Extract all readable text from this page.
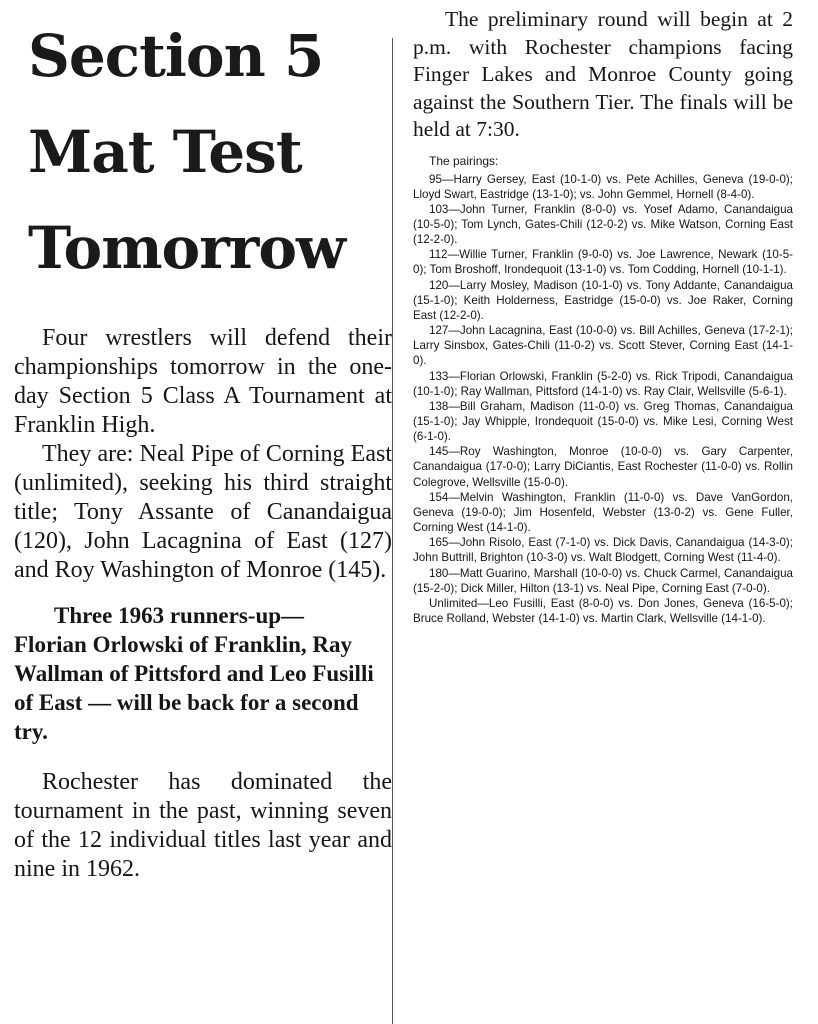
Section 5
Mat Test
Tomorrow

Four wrestlers will defend their championships tomorrow in the one-day Section 5 Class A Tournament at Franklin High.

They are: Neal Pipe of Corning East (unlimited), seeking his third straight title; Tony Assante of Canandaigua (120), John Lacagnina of East (127) and Roy Washington of Monroe (145).

Three 1963 runners-up— Florian Orlowski of Franklin, Ray Wallman of Pittsford and Leo Fusilli of East — will be back for a second try.

Rochester has dominated the tournament in the past, winning seven of the 12 individual titles last year and nine in 1962.

The preliminary round will begin at 2 p.m. with Rochester champions facing Finger Lakes and Monroe County going against the Southern Tier. The finals will be held at 7:30.

The pairings:

95—Harry Gersey, East (10-1-0) vs. Pete Achilles, Geneva (19-0-0); Lloyd Swart, Eastridge (13-1-0); vs. John Gemmel, Hornell (8-4-0).

103—John Turner, Franklin (8-0-0) vs. Yosef Adamo, Canandaigua (10-5-0); Tom Lynch, Gates-Chili (12-0-2) vs. Mike Watson, Corning East (12-2-0).

112—Willie Turner, Franklin (9-0-0) vs. Joe Lawrence, Newark (10-5-0); Tom Broshoff, Irondequoit (13-1-0) vs. Tom Codding, Hornell (10-1-1).

120—Larry Mosley, Madison (10-1-0) vs. Tony Addante, Canandaigua (15-1-0); Keith Holderness, Eastridge (15-0-0) vs. Joe Raker, Corning East (12-2-0).

127—John Lacagnina, East (10-0-0) vs. Bill Achilles, Geneva (17-2-1); Larry Sinsbox, Gates-Chili (11-0-2) vs. Scott Stever, Corning East (14-1-0).

133—Florian Orlowski, Franklin (5-2-0) vs. Rick Tripodi, Canandaigua (10-1-0); Ray Wallman, Pittsford (14-1-0) vs. Ray Clair, Wellsville (5-6-1).

138—Bill Graham, Madison (11-0-0) vs. Greg Thomas, Canandaigua (15-1-0); Jay Whipple, Irondequoit (15-0-0) vs. Mike Lesi, Corning West (6-1-0).

145—Roy Washington, Monroe (10-0-0) vs. Gary Carpenter, Canandaigua (17-0-0); Larry DiCiantis, East Rochester (11-0-0) vs. Rollin Colegrove, Wellsville (15-0-0).

154—Melvin Washington, Franklin (11-0-0) vs. Dave VanGordon, Geneva (19-0-0); Jim Hosenfeld, Webster (13-0-2) vs. Gene Fuller, Corning West (14-1-0).

165—John Risolo, East (7-1-0) vs. Dick Davis, Canandaigua (14-3-0); John Buttrill, Brighton (10-3-0) vs. Walt Blodgett, Corning West (11-4-0).

180—Matt Guarino, Marshall (10-0-0) vs. Chuck Carmel, Canandaigua (15-2-0); Dick Miller, Hilton (13-1) vs. Neal Pipe, Corning East (7-0-0).

Unlimited—Leo Fusilli, East (8-0-0) vs. Don Jones, Geneva (16-5-0); Bruce Rolland, Webster (14-1-0) vs. Martin Clark, Wellsville (14-1-0).
